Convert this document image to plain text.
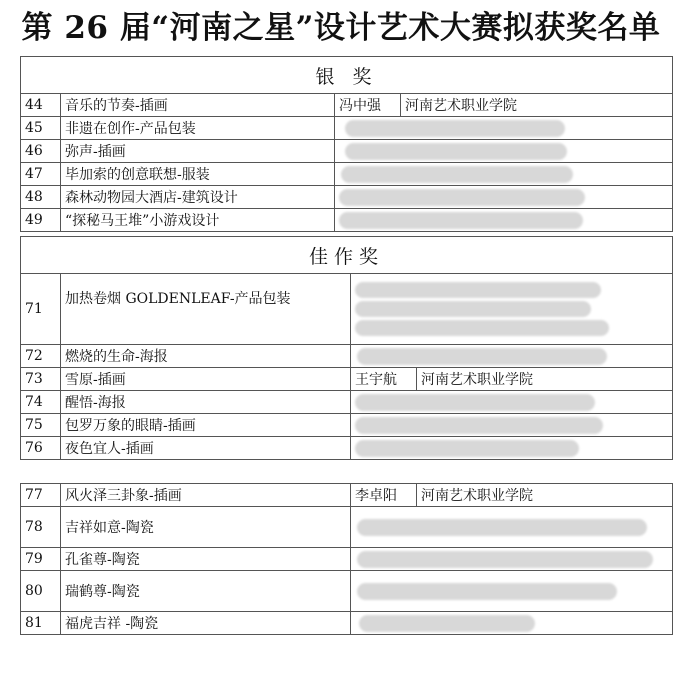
第 26 届“河南之星”设计艺术大赛拟获奖名单
银 奖			
44	音乐的节奏-插画	冯中强	河南艺术职业学院
45	非遗在创作-产品包装		
46	弥声-插画		
47	毕加索的创意联想-服装		
48	森林动物园大酒店-建筑设计		
49	“探秘马王堆”小游戏设计		
佳作奖			
71	加热卷烟 GOLDENLEAF-产品包装		

72	燃烧的生命-海报		
73	雪原-插画	王宇航	河南艺术职业学院
74	醒悟-海报		
75	包罗万象的眼睛-插画		
76	夜色宜人-插画		
77	风火泽三卦象-插画	李卓阳	河南艺术职业学院
78	吉祥如意-陶瓷		
79	孔雀尊-陶瓷		
80	瑞鹤尊-陶瓷		
81	福虎吉祥 -陶瓷		
